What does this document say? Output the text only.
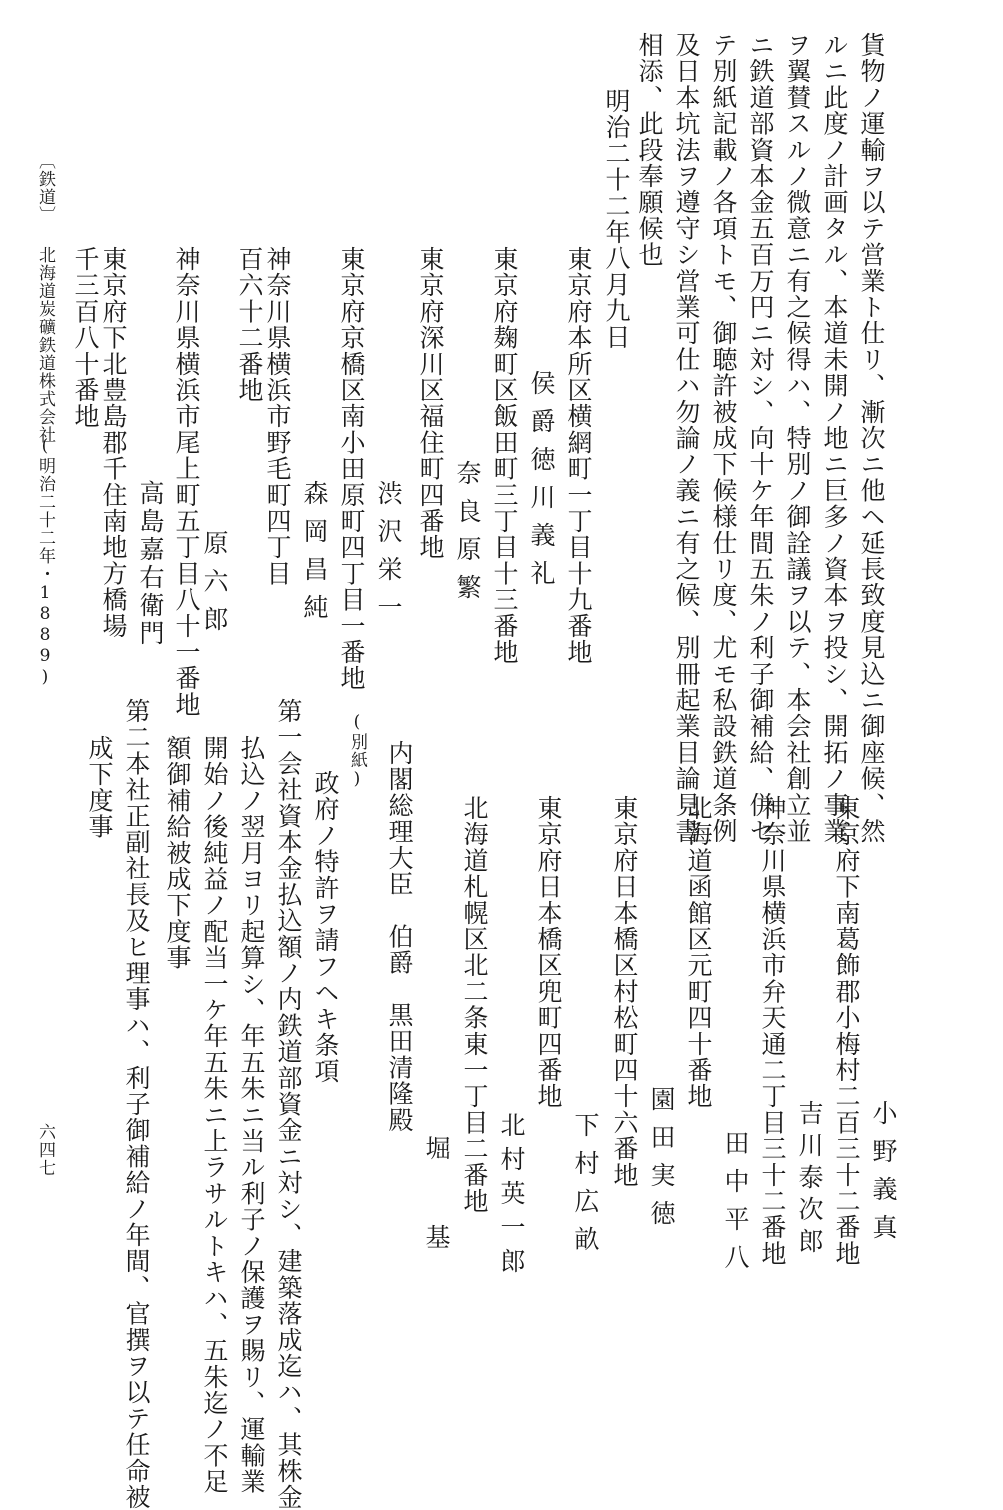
貨物ノ運輸ヲ以テ営業ト仕リ、漸次ニ他ヘ延長致度見込ニ御座候、然
ルニ此度ノ計画タル、本道未開ノ地ニ巨多ノ資本ヲ投シ、開拓ノ事業
ヲ翼賛スルノ微意ニ有之候得ハ、特別ノ御詮議ヲ以テ、本会社創立並
ニ鉄道部資本金五百万円ニ対シ、向十ケ年間五朱ノ利子御補給、併セ
テ別紙記載ノ各項トモ、御聴許被成下候様仕リ度、尤モ私設鉄道条例
及日本坑法ヲ遵守シ営業可仕ハ勿論ノ義ニ有之候、別冊起業目論見書
相添、此段奉願候也
明治二十二年八月九日
東京府本所区横網町一丁目十九番地
侯爵徳川義礼
東京府麹町区飯田町三丁目十三番地
奈良原繁
東京府深川区福住町四番地
渋沢栄一
東京府京橋区南小田原町四丁目一番地
森岡昌純
神奈川県横浜市野毛町四丁目
百六十二番地
原六郎
神奈川県横浜市尾上町五丁目八十一番地
高島嘉右衛門
東京府下北豊島郡千住南地方橋場
千三百八十番地
〔鉄道〕
北海道炭礦鉄道株式会社
(明治二十二年・1889)
六四七	小野義真
東京府下南葛飾郡小梅村二百三十二番地
吉川泰次郎
神奈川県横浜市弁天通二丁目三十二番地
田中平八
北海道函館区元町四十番地
園田実徳
東京府日本橋区村松町四十六番地
下村広畝
東京府日本橋区兜町四番地
北村英一郎
北海道札幌区北二条東一丁目二番地
堀基
内閣総理大臣　伯爵　黒田清隆殿
(別紙)
政府ノ特許ヲ請フヘキ条項
第一会社資本金払込額ノ内鉄道部資金ニ対シ、建築落成迄ハ、其株金
払込ノ翌月ヨリ起算シ、年五朱ニ当ル利子ノ保護ヲ賜リ、運輸業
開始ノ後純益ノ配当一ケ年五朱ニ上ラサルトキハ、五朱迄ノ不足
額御補給被成下度事
第二本社正副社長及ヒ理事ハ、利子御補給ノ年間、官撰ヲ以テ任命被
成下度事
